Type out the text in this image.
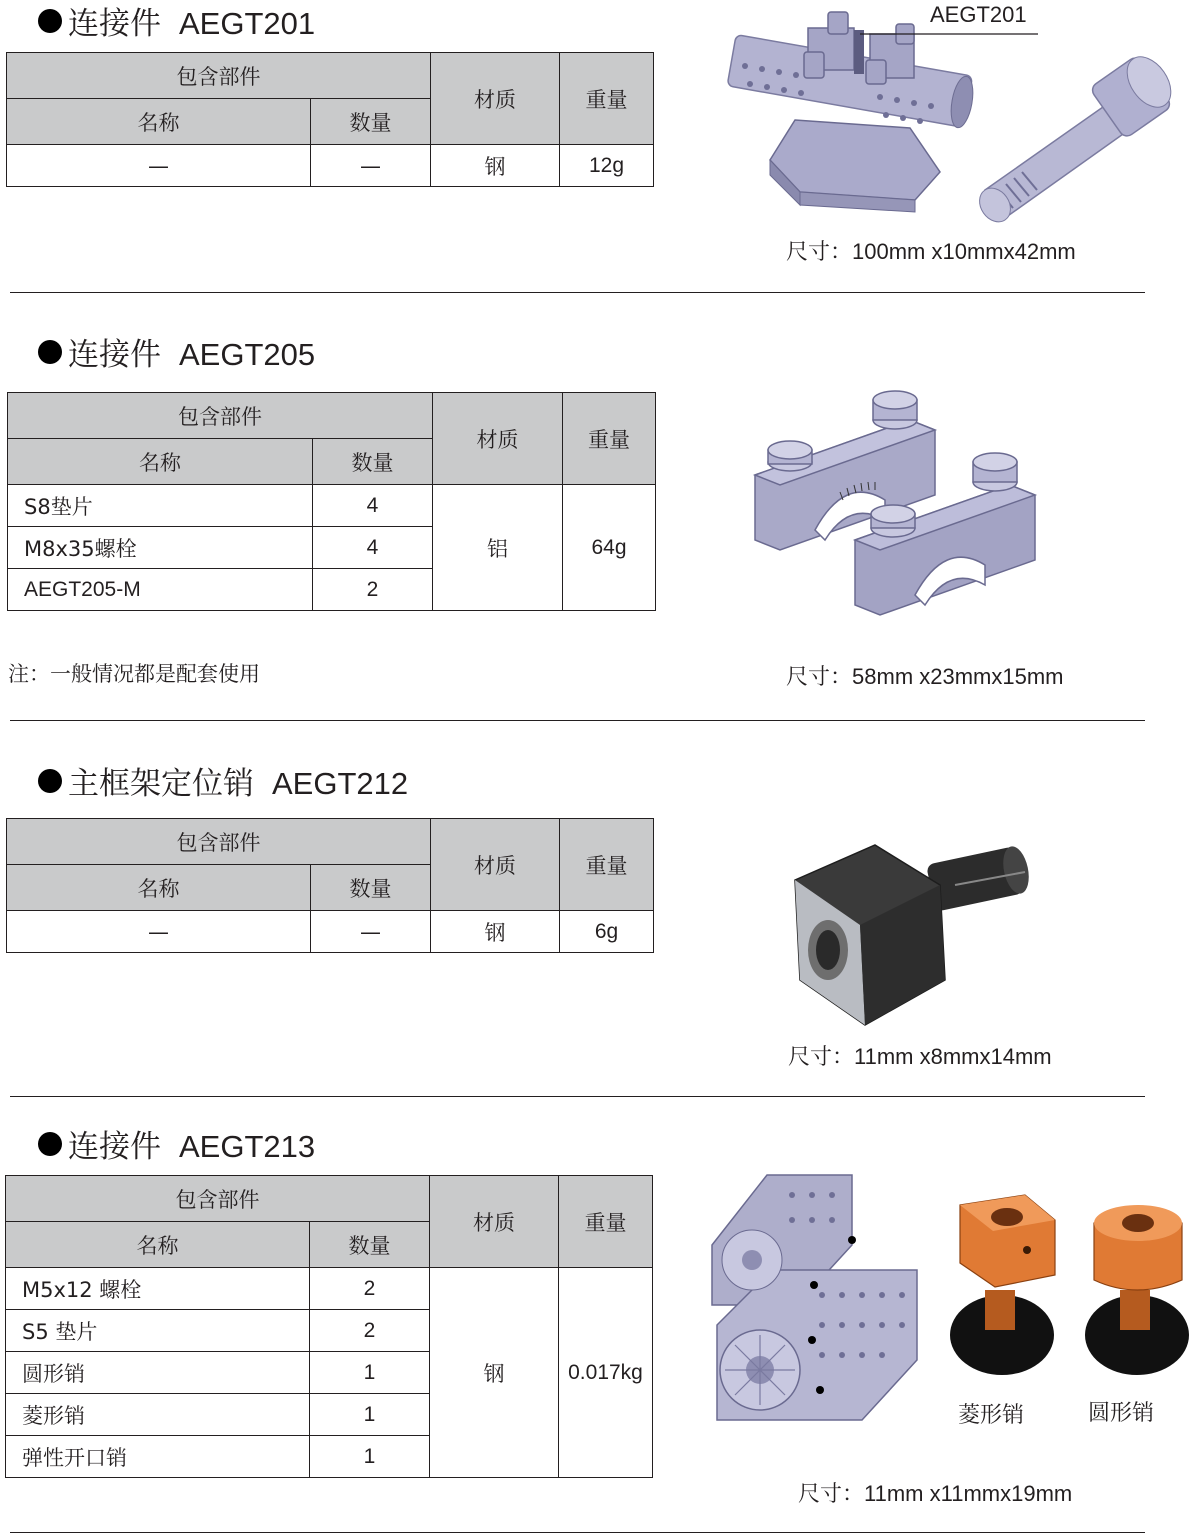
连接件 AEGT201
包含部件		材质	重量
名称	数量		
—	—	钢	12g
AEGT201
尺寸：100mm x10mmx42mm
连接件 AEGT205
包含部件		材质	重量
名称	数量		
S8垫片	4	铝	64g
M8x35螺栓	4		
AEGT205-M	2		
注：一般情况都是配套使用	尺寸：58mm x23mmx15mm
主框架定位销 AEGT212
包含部件		材质	重量
名称	数量		
—	—	钢	6g
尺寸：11mm x8mmx14mm
连接件 AEGT213
包含部件		材质	重量
名称	数量		
M5x12 螺栓	2	钢	0.017kg
S5 垫片	2		
圆形销	1		
菱形销	1		
弹性开口销	1		
菱形销	圆形销
尺寸：11mm x11mmx19mm
